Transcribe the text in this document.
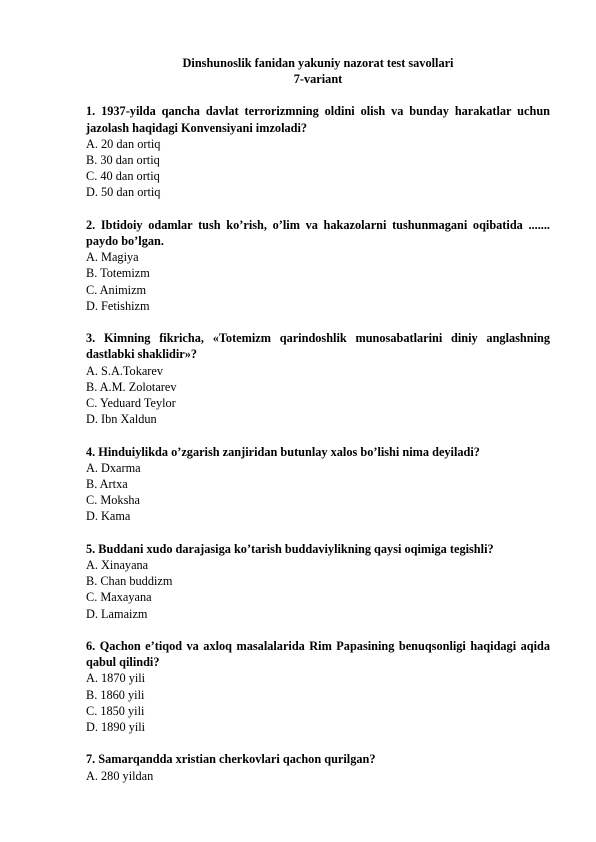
Dinshunoslik fanidan yakuniy nazorat test savollari
7-variant
1. 1937-yilda qancha davlat terrorizmning oldini olish va bunday harakatlar uchun jazolash haqidagi Konvensiyani imzoladi?
A. 20 dan ortiq
B. 30 dan ortiq
C. 40 dan ortiq
D. 50 dan ortiq
2. Ibtidoiy odamlar tush ko’rish, o’lim va hakazolarni tushunmagani oqibatida ....... paydo bo’lgan.
A. Magiya
B. Totemizm
C. Animizm
D. Fetishizm
3. Kimning fikricha, «Totemizm qarindoshlik munosabatlarini diniy anglashning dastlabki shaklidir»?
A. S.A.Tokarev
B. A.M. Zolotarev
C. Yeduard Teylor
D. Ibn Xaldun
4. Hinduiylikda o’zgarish zanjiridan butunlay xalos bo’lishi nima deyiladi?
A. Dxarma
B. Artxa
C. Moksha
D. Kama
5. Buddani xudo darajasiga ko’tarish buddaviylikning qaysi oqimiga tegishli?
A. Xinayana
B. Chan buddizm
C. Maxayana
D. Lamaizm
6. Qachon e’tiqod va axloq masalalarida Rim Papasining benuqsonligi haqidagi aqida qabul qilindi?
A. 1870 yili
B. 1860 yili
C. 1850 yili
D. 1890 yili
7. Samarqandda xristian cherkovlari qachon qurilgan?
A. 280 yildan
